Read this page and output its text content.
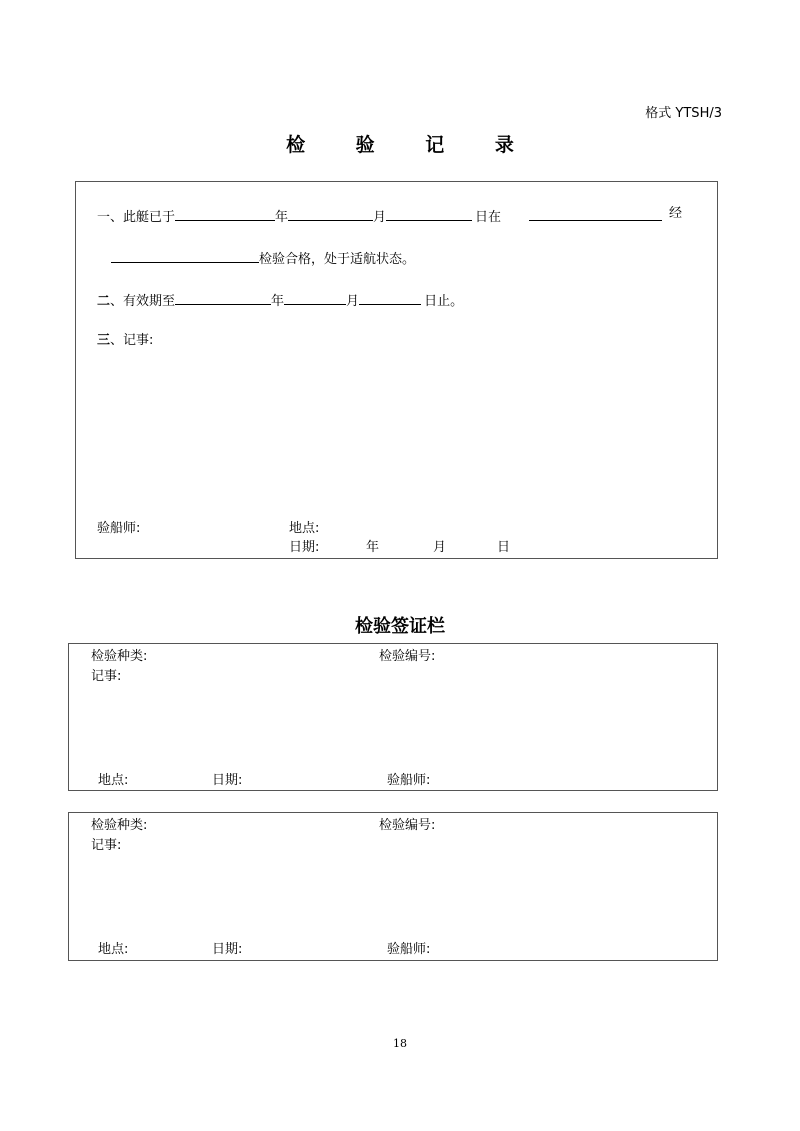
格式 YTSH/3
检 验 记 录
一、此艇已于	年	月	日在	经
检验合格，处于适航状态。
二、有效期至	年	月	日止。
三、记事:
验船师:	地点:
日期:	年	月	日
检验签证栏
检验种类:	检验编号:
记事:
地点:	日期:	验船师:
检验种类:	检验编号:
记事:
地点:	日期:	验船师:
18
